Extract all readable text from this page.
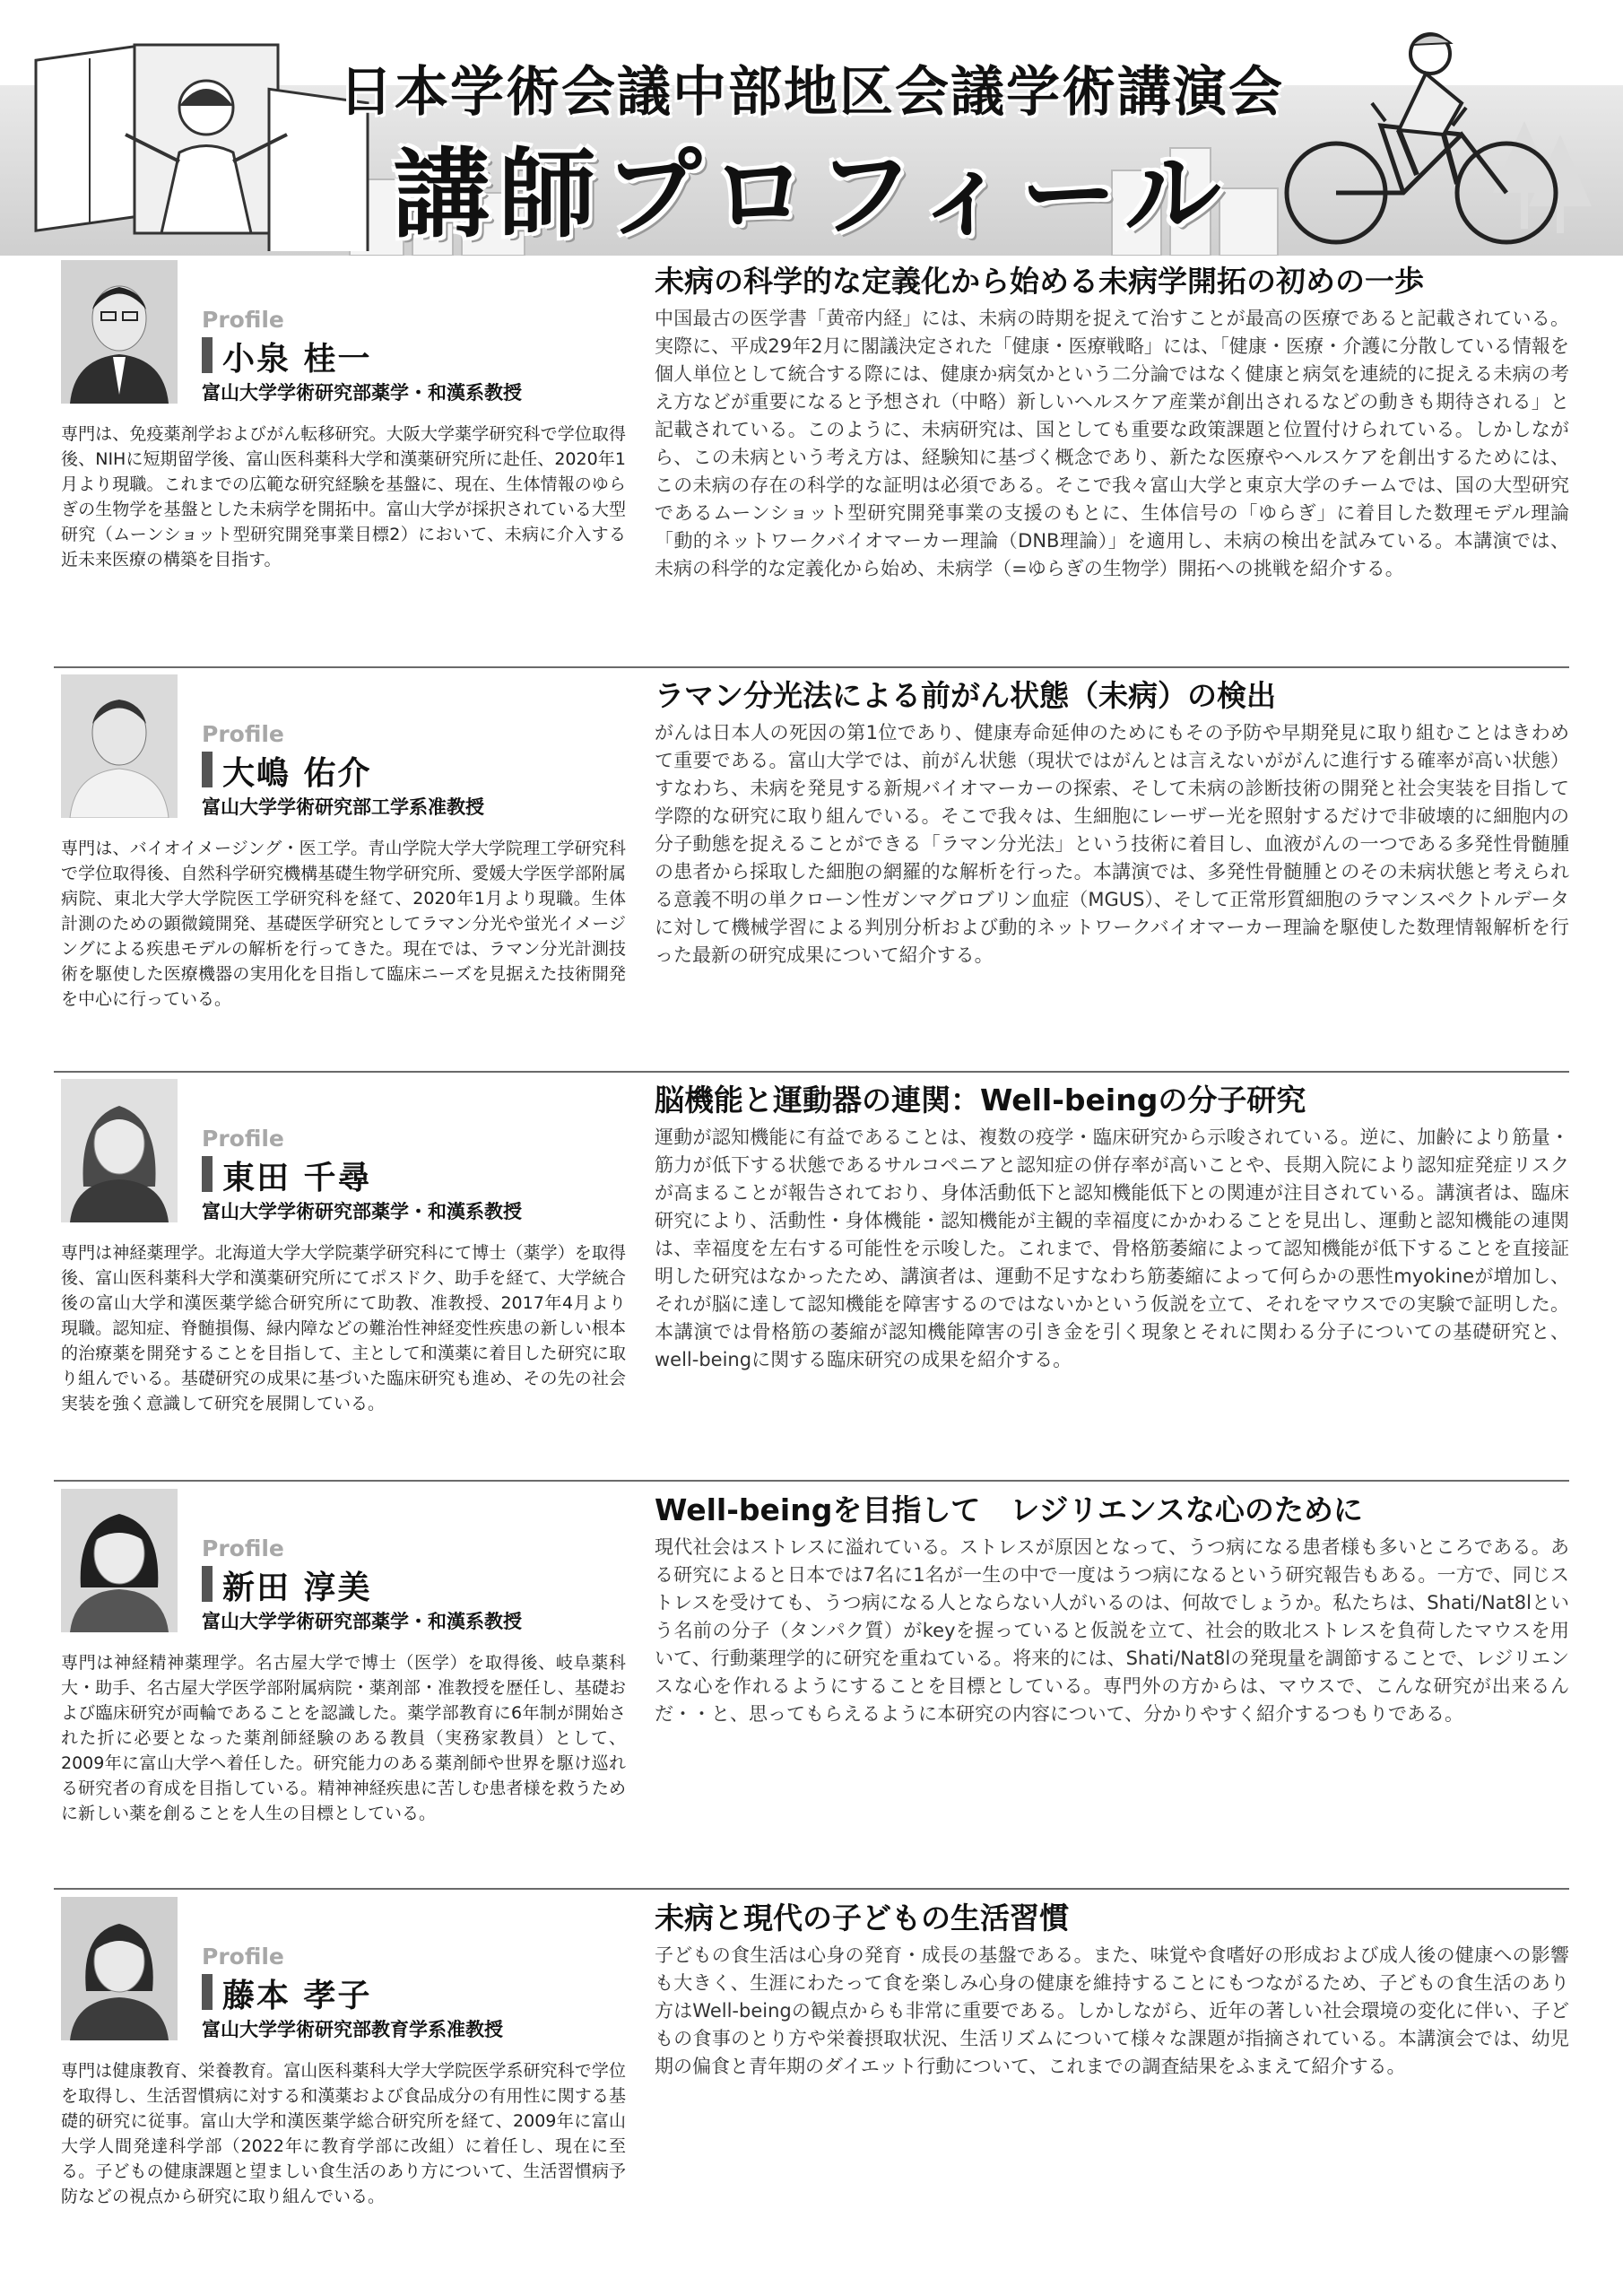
日本学術会議中部地区会議学術講演会
講師プロフィール
Profile
小泉 桂一
富山大学学術研究部薬学・和漢系教授
専門は、免疫薬剤学およびがん転移研究。大阪大学薬学研究科で学位取得後、NIHに短期留学後、富山医科薬科大学和漢薬研究所に赴任、2020年1月より現職。これまでの広範な研究経験を基盤に、現在、生体情報のゆらぎの生物学を基盤とした未病学を開拓中。富山大学が採択されている大型研究（ムーンショット型研究開発事業目標2）において、未病に介入する近未来医療の構築を目指す。
未病の科学的な定義化から始める未病学開拓の初めの一歩
中国最古の医学書「黄帝内経」には、未病の時期を捉えて治すことが最高の医療であると記載されている。実際に、平成29年2月に閣議決定された「健康・医療戦略」には、「健康・医療・介護に分散している情報を個人単位として統合する際には、健康か病気かという二分論ではなく健康と病気を連続的に捉える未病の考え方などが重要になると予想され（中略）新しいヘルスケア産業が創出されるなどの動きも期待される」と記載されている。このように、未病研究は、国としても重要な政策課題と位置付けられている。しかしながら、この未病という考え方は、経験知に基づく概念であり、新たな医療やヘルスケアを創出するためには、この未病の存在の科学的な証明は必須である。そこで我々富山大学と東京大学のチームでは、国の大型研究であるムーンショット型研究開発事業の支援のもとに、生体信号の「ゆらぎ」に着目した数理モデル理論「動的ネットワークバイオマーカー理論（DNB理論）」を適用し、未病の検出を試みている。本講演では、未病の科学的な定義化から始め、未病学（=ゆらぎの生物学）開拓への挑戦を紹介する。
Profile
大嶋 佑介
富山大学学術研究部工学系准教授
専門は、バイオイメージング・医工学。青山学院大学大学院理工学研究科で学位取得後、自然科学研究機構基礎生物学研究所、愛媛大学医学部附属病院、東北大学大学院医工学研究科を経て、2020年1月より現職。生体計測のための顕微鏡開発、基礎医学研究としてラマン分光や蛍光イメージングによる疾患モデルの解析を行ってきた。現在では、ラマン分光計測技術を駆使した医療機器の実用化を目指して臨床ニーズを見据えた技術開発を中心に行っている。
ラマン分光法による前がん状態（未病）の検出
がんは日本人の死因の第1位であり、健康寿命延伸のためにもその予防や早期発見に取り組むことはきわめて重要である。富山大学では、前がん状態（現状ではがんとは言えないががんに進行する確率が高い状態）すなわち、未病を発見する新規バイオマーカーの探索、そして未病の診断技術の開発と社会実装を目指して学際的な研究に取り組んでいる。そこで我々は、生細胞にレーザー光を照射するだけで非破壊的に細胞内の分子動態を捉えることができる「ラマン分光法」という技術に着目し、血液がんの一つである多発性骨髄腫の患者から採取した細胞の網羅的な解析を行った。本講演では、多発性骨髄腫とのその未病状態と考えられる意義不明の単クローン性ガンマグロブリン血症（MGUS）、そして正常形質細胞のラマンスペクトルデータに対して機械学習による判別分析および動的ネットワークバイオマーカー理論を駆使した数理情報解析を行った最新の研究成果について紹介する。
Profile
東田 千尋
富山大学学術研究部薬学・和漢系教授
専門は神経薬理学。北海道大学大学院薬学研究科にて博士（薬学）を取得後、富山医科薬科大学和漢薬研究所にてポスドク、助手を経て、大学統合後の富山大学和漢医薬学総合研究所にて助教、准教授、2017年4月より現職。認知症、脊髄損傷、緑内障などの難治性神経変性疾患の新しい根本的治療薬を開発することを目指して、主として和漢薬に着目した研究に取り組んでいる。基礎研究の成果に基づいた臨床研究も進め、その先の社会実装を強く意識して研究を展開している。
脳機能と運動器の連関：Well-beingの分子研究
運動が認知機能に有益であることは、複数の疫学・臨床研究から示唆されている。逆に、加齢により筋量・筋力が低下する状態であるサルコペニアと認知症の併存率が高いことや、長期入院により認知症発症リスクが高まることが報告されており、身体活動低下と認知機能低下との関連が注目されている。講演者は、臨床研究により、活動性・身体機能・認知機能が主観的幸福度にかかわることを見出し、運動と認知機能の連関は、幸福度を左右する可能性を示唆した。これまで、骨格筋萎縮によって認知機能が低下することを直接証明した研究はなかったため、講演者は、運動不足すなわち筋萎縮によって何らかの悪性myokineが増加し、それが脳に達して認知機能を障害するのではないかという仮説を立て、それをマウスでの実験で証明した。本講演では骨格筋の萎縮が認知機能障害の引き金を引く現象とそれに関わる分子についての基礎研究と、well-beingに関する臨床研究の成果を紹介する。
Profile
新田 淳美
富山大学学術研究部薬学・和漢系教授
専門は神経精神薬理学。名古屋大学で博士（医学）を取得後、岐阜薬科大・助手、名古屋大学医学部附属病院・薬剤部・准教授を歴任し、基礎および臨床研究が両輪であることを認識した。薬学部教育に6年制が開始された折に必要となった薬剤師経験のある教員（実務家教員）として、2009年に富山大学へ着任した。研究能力のある薬剤師や世界を駆け巡れる研究者の育成を目指している。精神神経疾患に苦しむ患者様を救うために新しい薬を創ることを人生の目標としている。
Well-beingを目指して　レジリエンスな心のために
現代社会はストレスに溢れている。ストレスが原因となって、うつ病になる患者様も多いところである。ある研究によると日本では7名に1名が一生の中で一度はうつ病になるという研究報告もある。一方で、同じストレスを受けても、うつ病になる人とならない人がいるのは、何故でしょうか。私たちは、Shati/Nat8lという名前の分子（タンパク質）がkeyを握っていると仮説を立て、社会的敗北ストレスを負荷したマウスを用いて、行動薬理学的に研究を重ねている。将来的には、Shati/Nat8lの発現量を調節することで、レジリエンスな心を作れるようにすることを目標としている。専門外の方からは、マウスで、こんな研究が出来るんだ・・と、思ってもらえるように本研究の内容について、分かりやすく紹介するつもりである。
Profile
藤本 孝子
富山大学学術研究部教育学系准教授
専門は健康教育、栄養教育。富山医科薬科大学大学院医学系研究科で学位を取得し、生活習慣病に対する和漢薬および食品成分の有用性に関する基礎的研究に従事。富山大学和漢医薬学総合研究所を経て、2009年に富山大学人間発達科学部（2022年に教育学部に改組）に着任し、現在に至る。子どもの健康課題と望ましい食生活のあり方について、生活習慣病予防などの視点から研究に取り組んでいる。
未病と現代の子どもの生活習慣
子どもの食生活は心身の発育・成長の基盤である。また、味覚や食嗜好の形成および成人後の健康への影響も大きく、生涯にわたって食を楽しみ心身の健康を維持することにもつながるため、子どもの食生活のあり方はWell-beingの観点からも非常に重要である。しかしながら、近年の著しい社会環境の変化に伴い、子どもの食事のとり方や栄養摂取状況、生活リズムについて様々な課題が指摘されている。本講演会では、幼児期の偏食と青年期のダイエット行動について、これまでの調査結果をふまえて紹介する。
